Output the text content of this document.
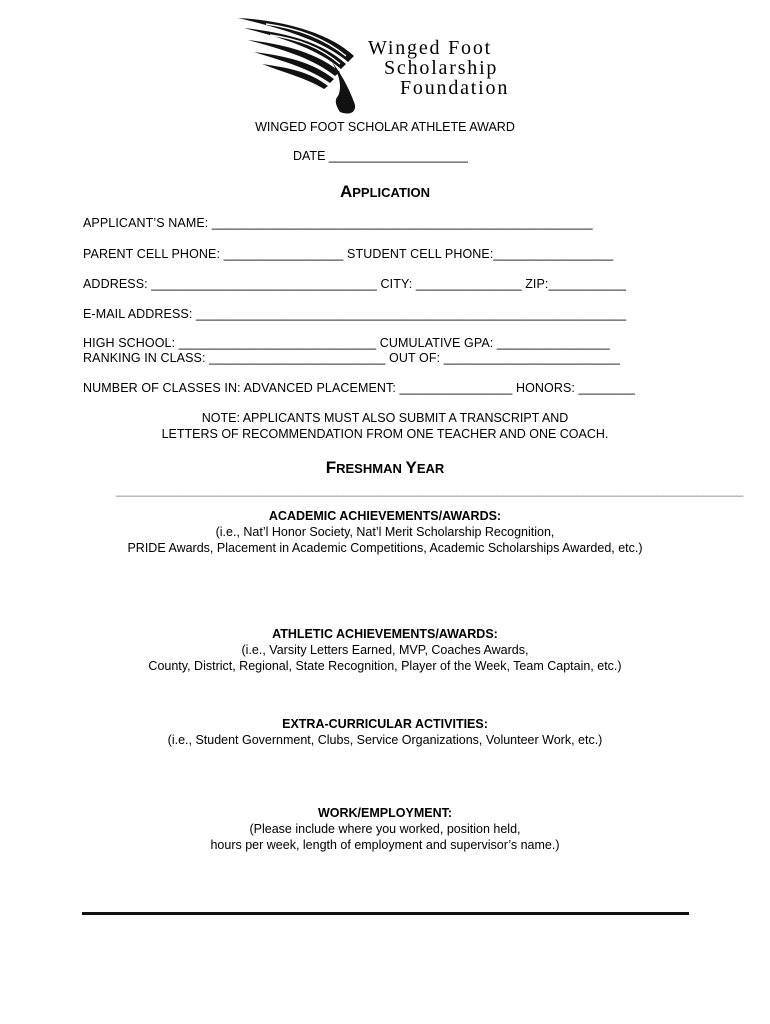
Winged Foot
Scholarship
Foundation
WINGED FOOT SCHOLAR ATHLETE AWARD
DATE ____________________
APPLICATION
APPLICANT’S NAME: ______________________________________________________
PARENT CELL PHONE: _________________ STUDENT CELL PHONE:_________________
ADDRESS: ________________________________ CITY: _______________ ZIP:___________
E-MAIL ADDRESS: _____________________________________________________________
HIGH SCHOOL: ____________________________ CUMULATIVE GPA: ________________
RANKING IN CLASS: _________________________ OUT OF: _________________________
NUMBER OF CLASSES IN: ADVANCED PLACEMENT: ________________ HONORS: ________
NOTE: APPLICANTS MUST ALSO SUBMIT A TRANSCRIPT AND
LETTERS OF RECOMMENDATION FROM ONE TEACHER AND ONE COACH.
FRESHMAN YEAR
______________________________________________________________________________________________
ACADEMIC ACHIEVEMENTS/AWARDS:
(i.e., Nat’l Honor Society, Nat’l Merit Scholarship Recognition,
PRIDE Awards, Placement in Academic Competitions, Academic Scholarships Awarded, etc.)
ATHLETIC ACHIEVEMENTS/AWARDS:
(i.e., Varsity Letters Earned, MVP, Coaches Awards,
County, District, Regional, State Recognition, Player of the Week, Team Captain, etc.)
EXTRA-CURRICULAR ACTIVITIES:
(i.e., Student Government, Clubs, Service Organizations, Volunteer Work, etc.)
WORK/EMPLOYMENT:
(Please include where you worked, position held,
hours per week, length of employment and supervisor’s name.)
